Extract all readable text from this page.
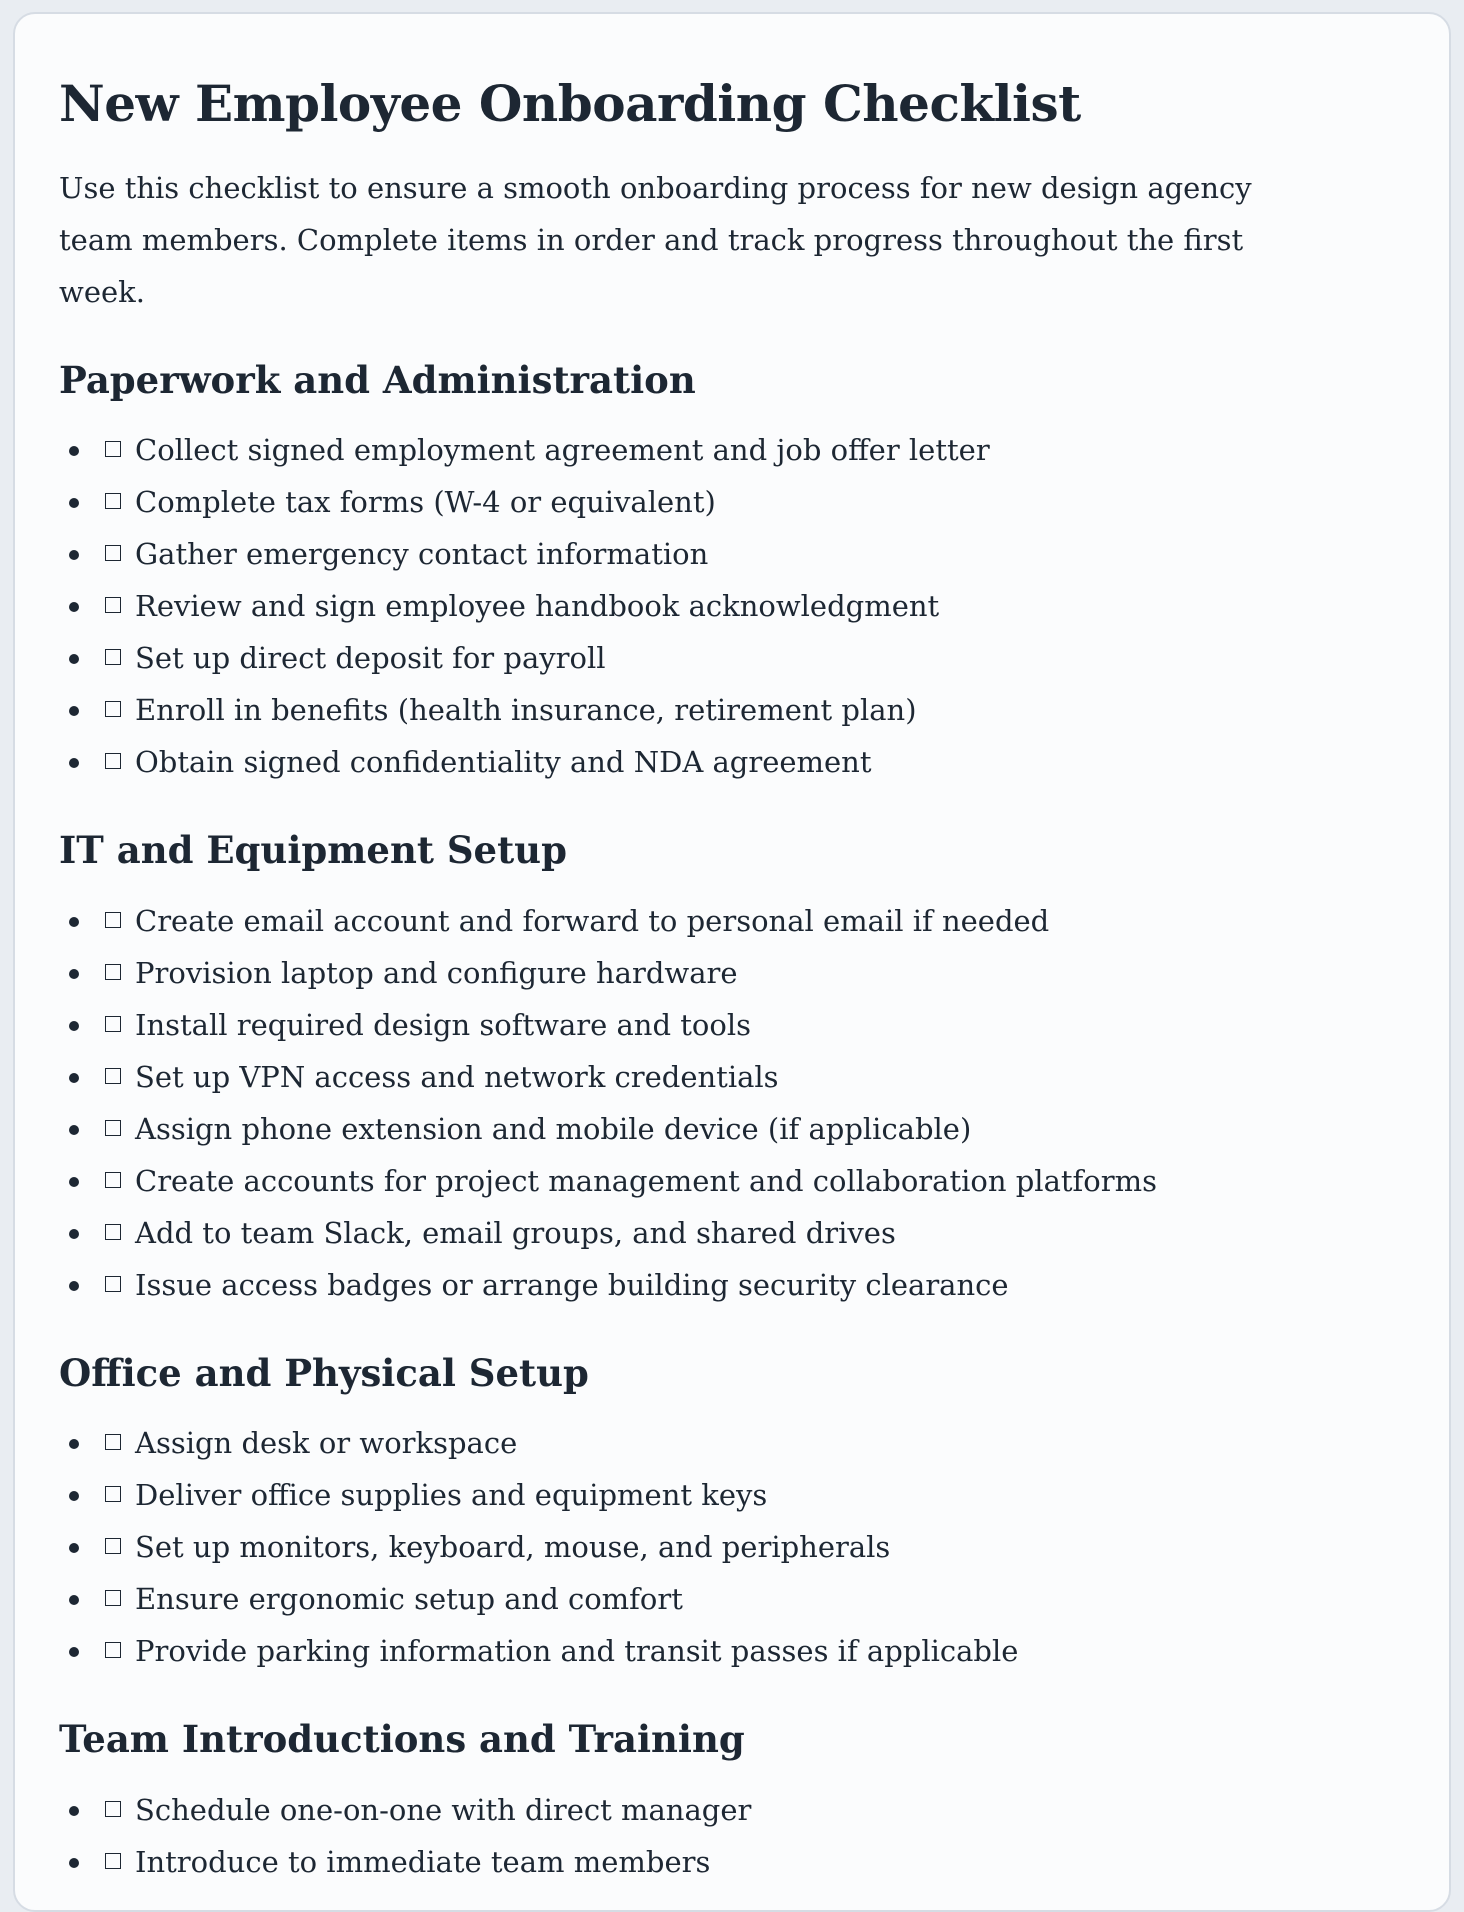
New Employee Onboarding Checklist

Use this checklist to ensure a smooth onboarding process for new design agency team members. Complete items in order and track progress throughout the first week.

Paperwork and Administration
Collect signed employment agreement and job offer letter
Complete tax forms (W-4 or equivalent)
Gather emergency contact information
Review and sign employee handbook acknowledgment
Set up direct deposit for payroll
Enroll in benefits (health insurance, retirement plan)
Obtain signed confidentiality and NDA agreement
IT and Equipment Setup
Create email account and forward to personal email if needed
Provision laptop and configure hardware
Install required design software and tools
Set up VPN access and network credentials
Assign phone extension and mobile device (if applicable)
Create accounts for project management and collaboration platforms
Add to team Slack, email groups, and shared drives
Issue access badges or arrange building security clearance
Office and Physical Setup
Assign desk or workspace
Deliver office supplies and equipment keys
Set up monitors, keyboard, mouse, and peripherals
Ensure ergonomic setup and comfort
Provide parking information and transit passes if applicable
Team Introductions and Training
Schedule one-on-one with direct manager
Introduce to immediate team members
